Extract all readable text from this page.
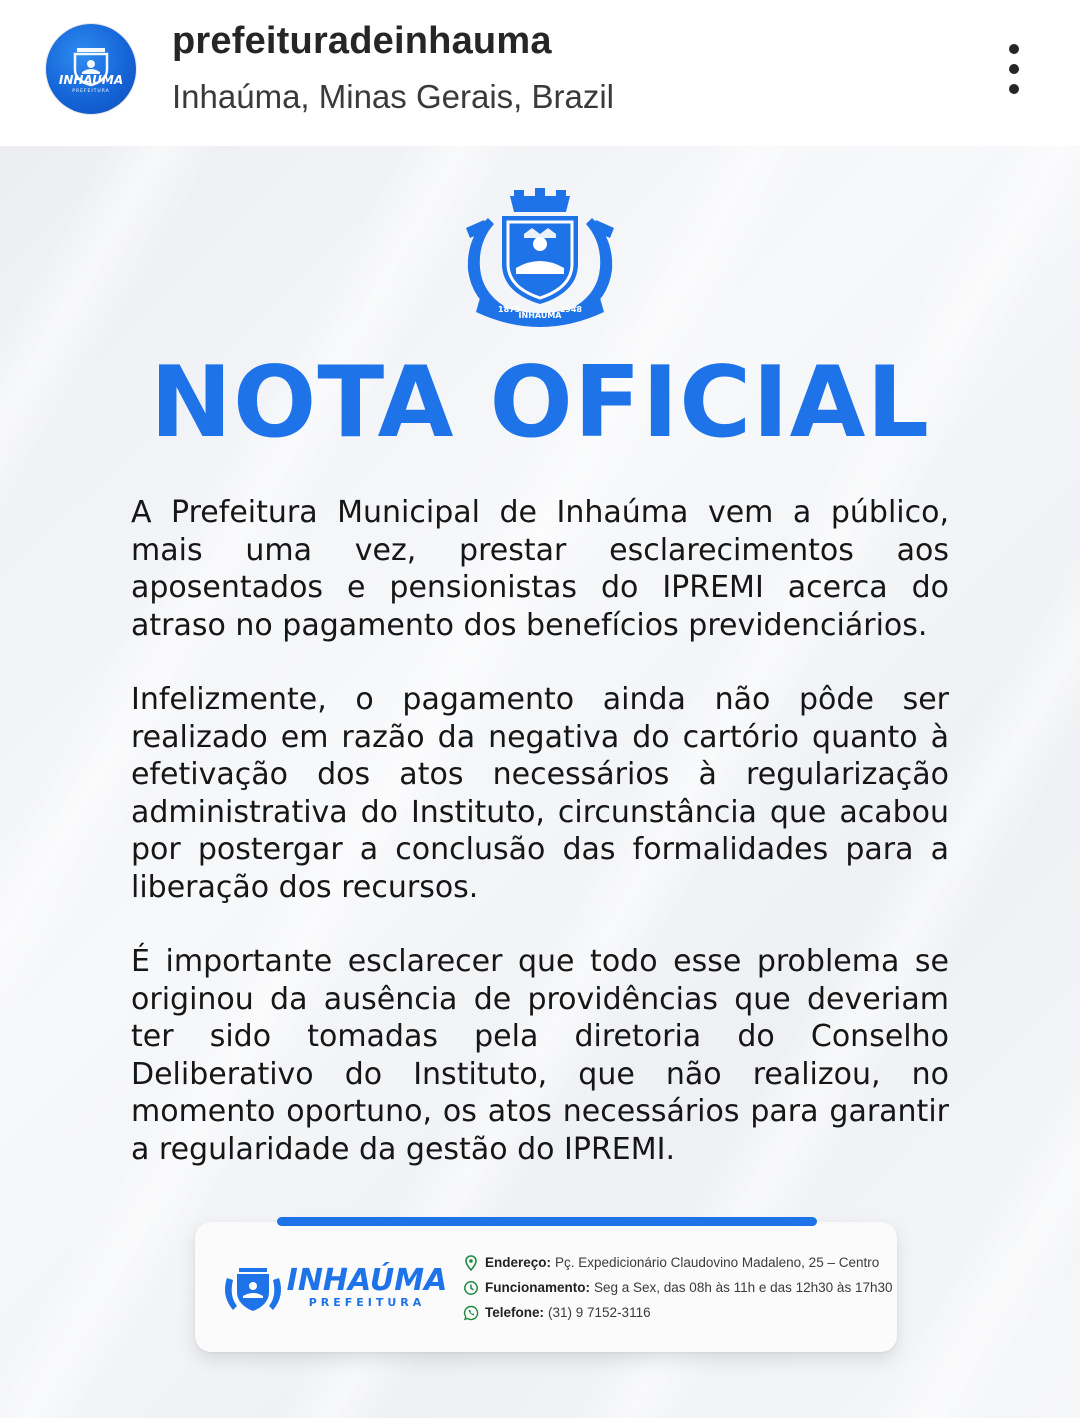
INHAÚMA
PREFEITURA
prefeituradeinhauma
Inhaúma, Minas Gerais, Brazil
1875
INHAÚMA
1948
NOTA OFICIAL

A Prefeitura Municipal de Inhaúma vem a público, mais uma vez, prestar esclarecimentos aos aposentados e pensionistas do IPREMI acerca do atraso no pagamento dos benefícios previdenciários.

Infelizmente, o pagamento ainda não pôde ser realizado em razão da negativa do cartório quanto à efetivação dos atos necessários à regularização administrativa do Instituto, circunstância que acabou por postergar a conclusão das formalidades para a liberação dos recursos.

É importante esclarecer que todo esse problema se originou da ausência de providências que deveriam ter sido tomadas pela diretoria do Conselho Deliberativo do Instituto, que não realizou, no momento oportuno, os atos necessários para garantir a regularidade da gestão do IPREMI.

INHAÚMA
PREFEITURA
Endereço: Pç. Expedicionário Claudovino Madaleno, 25 – Centro
Funcionamento: Seg a Sex, das 08h às 11h e das 12h30 às 17h30
Telefone: (31) 9 7152-3116
